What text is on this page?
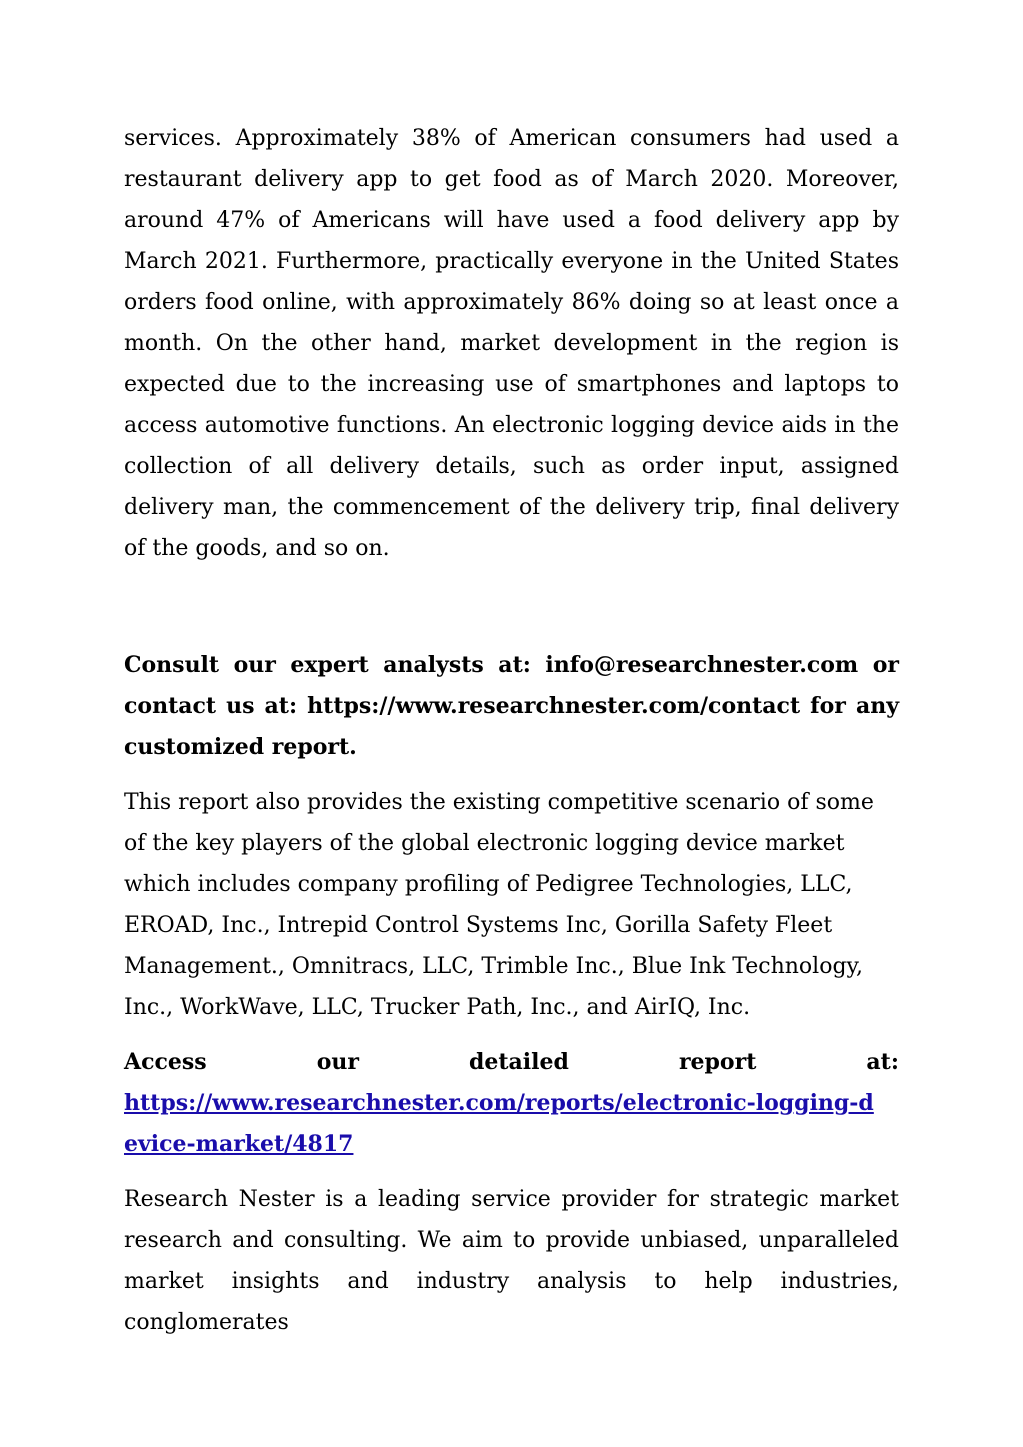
services. Approximately 38% of American consumers had used a restaurant delivery app to get food as of March 2020. Moreover, around 47% of Americans will have used a food delivery app by March 2021. Furthermore, practically everyone in the United States orders food online, with approximately 86% doing so at least once a month. On the other hand, market development in the region is expected due to the increasing use of smartphones and laptops to access automotive functions. An electronic logging device aids in the collection of all delivery details, such as order input, assigned delivery man, the commencement of the delivery trip, final delivery of the goods, and so on.

Consult our expert analysts at: info@researchnester.com or contact us at: https://www.researchnester.com/contact for any customized report.

This report also provides the existing competitive scenario of some of the key players of the global electronic logging device market which includes company profiling of Pedigree Technologies, LLC, EROAD, Inc., Intrepid Control Systems Inc, Gorilla Safety Fleet Management., Omnitracs, LLC, Trimble Inc., Blue Ink Technology, Inc., WorkWave, LLC, Trucker Path, Inc., and AirIQ, Inc.

Access	our	detailed	report	at:
https://www.researchnester.com/reports/electronic-logging-device-market/4817

Research Nester is a leading service provider for strategic market research and consulting. We aim to provide unbiased, unparalleled market insights and industry analysis to help industries, conglomerates
